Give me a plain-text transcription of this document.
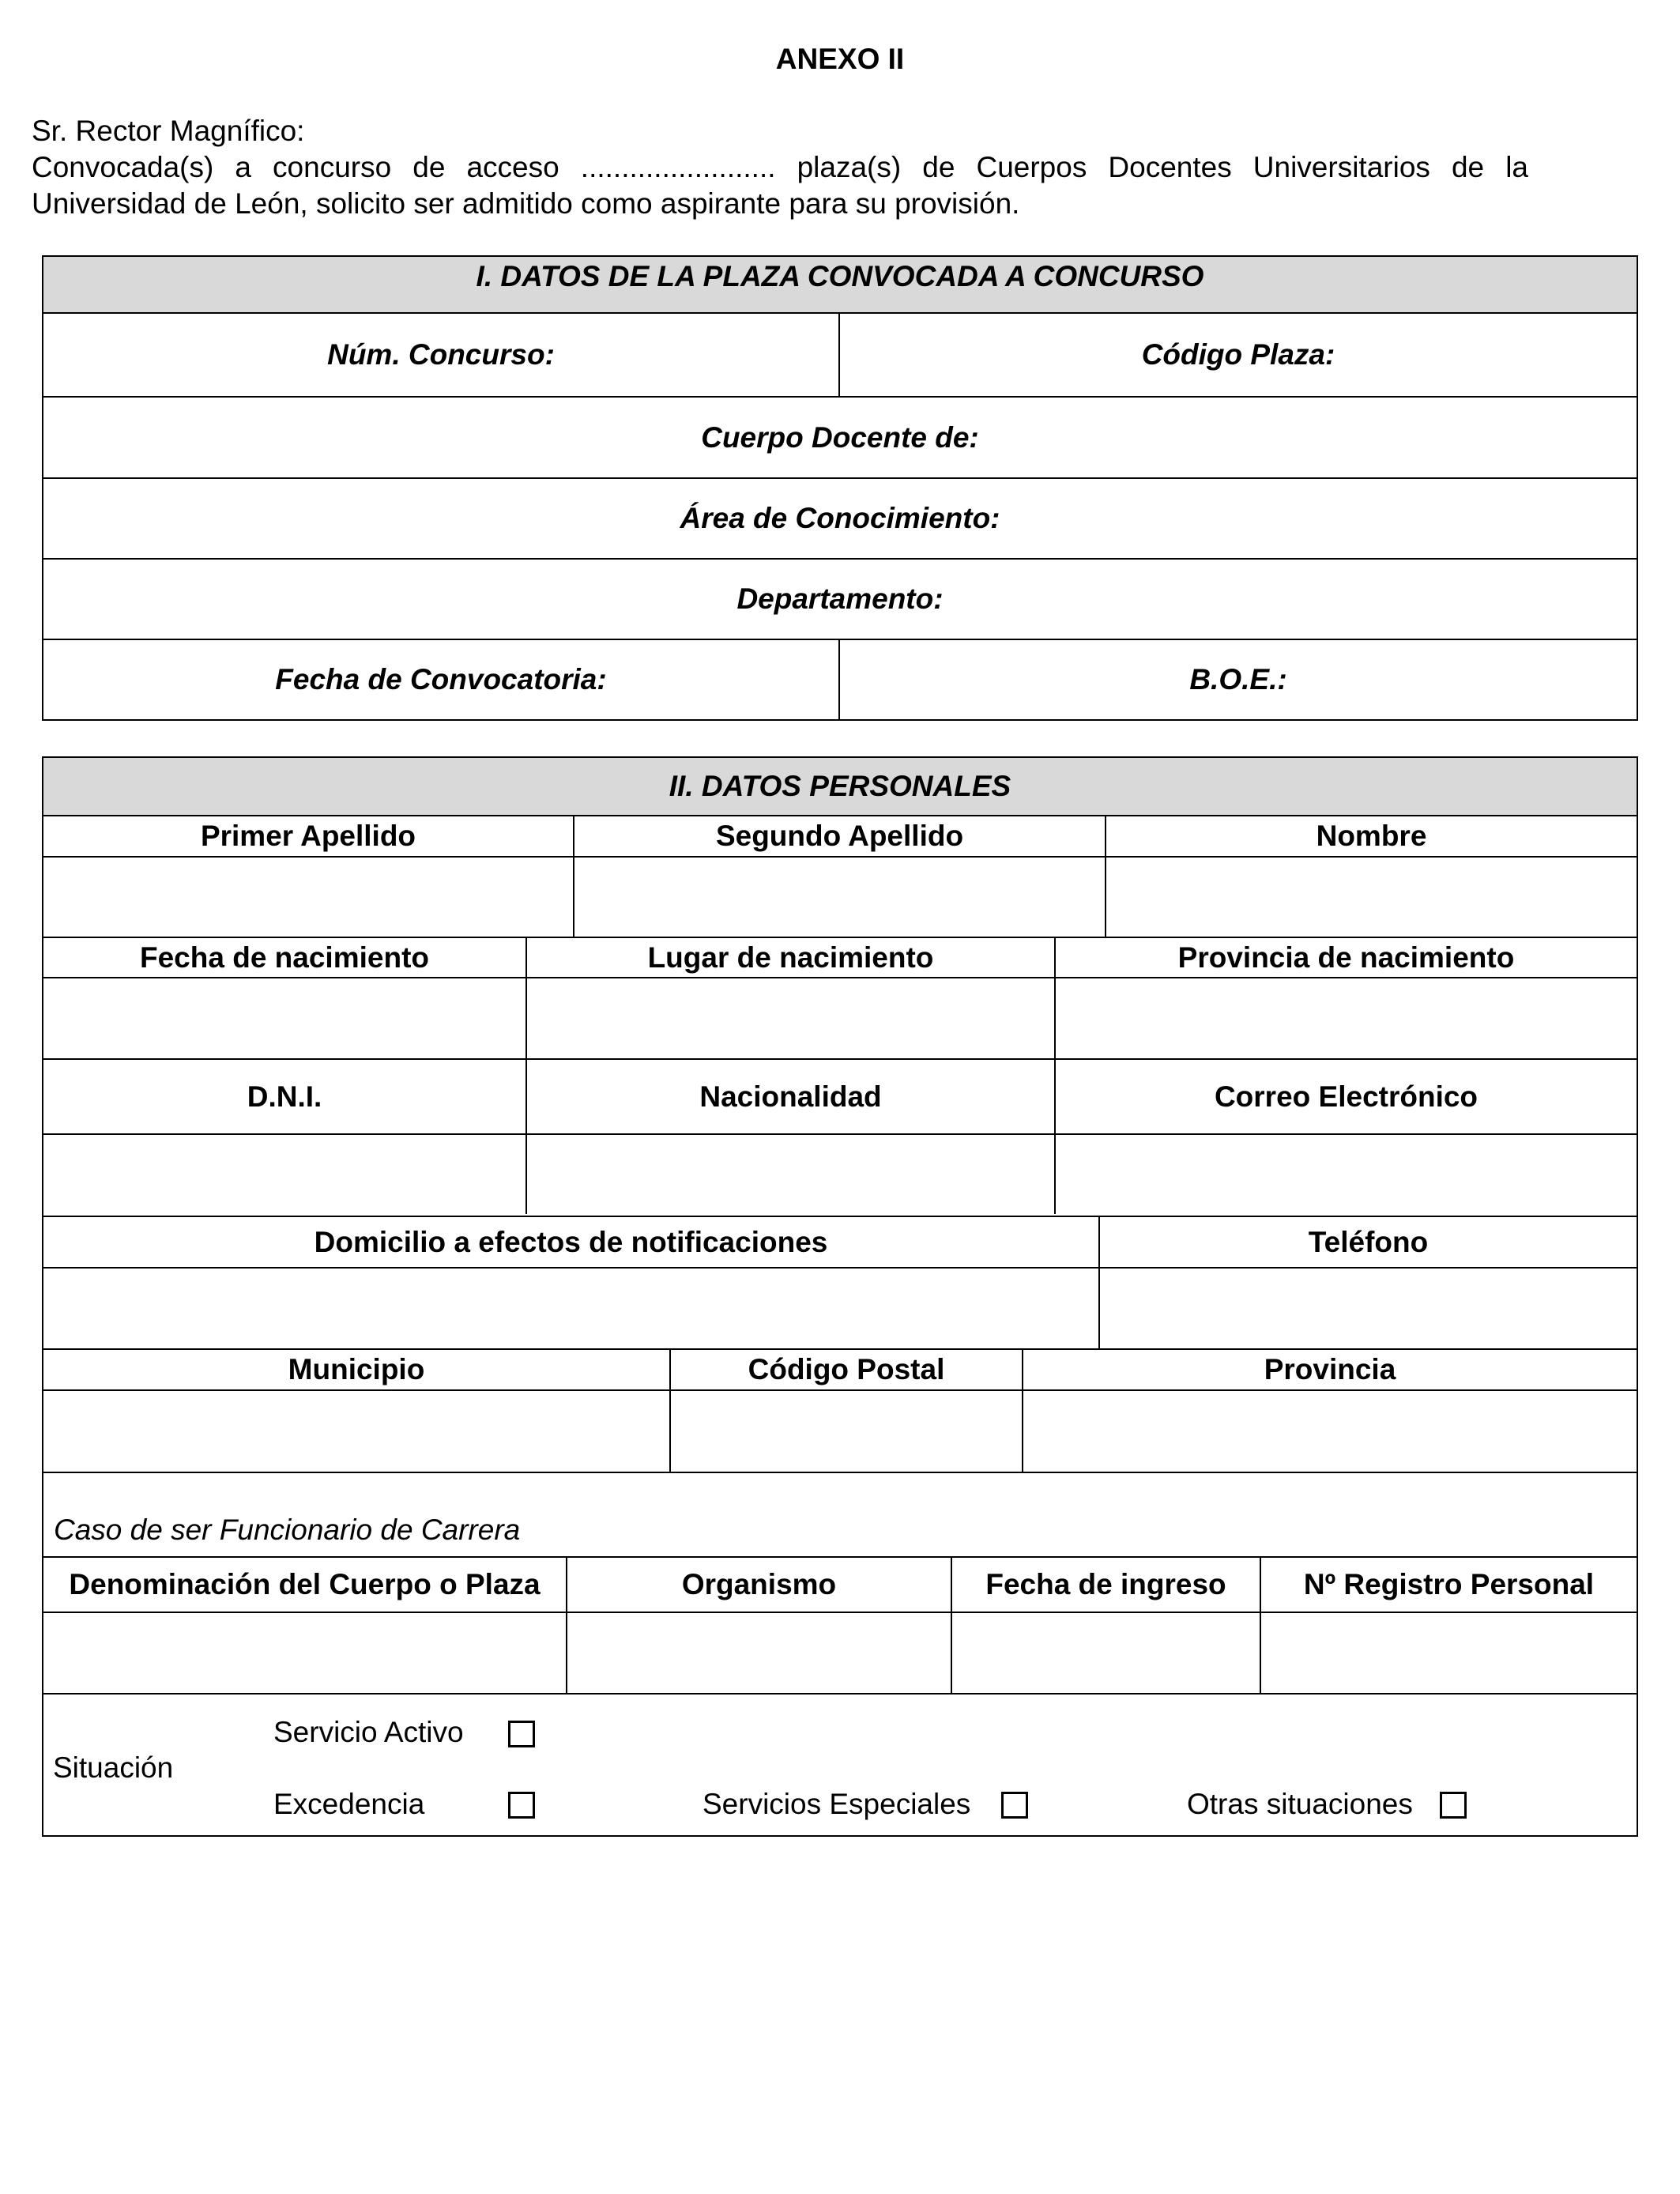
ANEXO II
Sr. Rector Magnífico:
Convocada(s) a concurso de acceso ........................ plaza(s) de Cuerpos Docentes Universitarios de la
Universidad de León, solicito ser admitido como aspirante para su provisión.
I. DATOS DE LA PLAZA CONVOCADA A CONCURSO
Núm. Concurso:	Código Plaza:
Cuerpo Docente de:
Área de Conocimiento:
Departamento:
Fecha de Convocatoria:	B.O.E.:
II. DATOS PERSONALES
Primer Apellido	Segundo Apellido	Nombre
Fecha de nacimiento	Lugar de nacimiento	Provincia de nacimiento
D.N.I.	Nacionalidad	Correo Electrónico
Domicilio a efectos de notificaciones	Teléfono
Municipio	Código Postal	Provincia
Caso de ser Funcionario de Carrera
Denominación del Cuerpo o Plaza	Organismo	Fecha de ingreso	Nº Registro Personal
Situación
Servicio Activo
Excedencia	Servicios Especiales	Otras situaciones
